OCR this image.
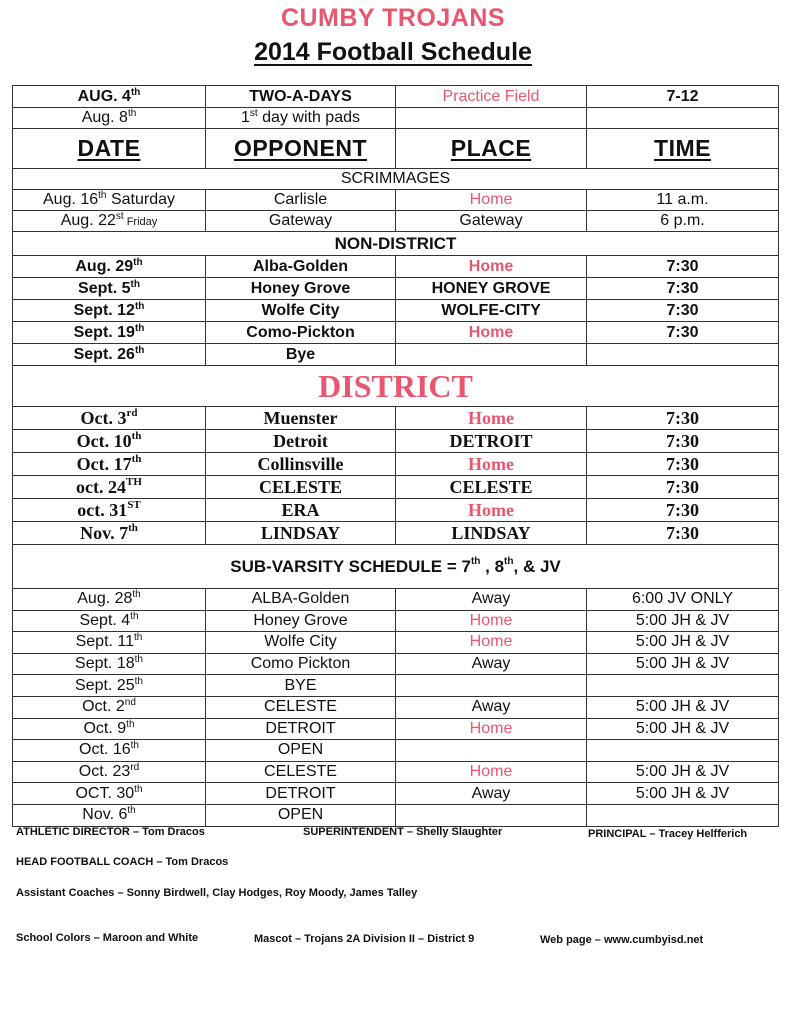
CUMBY TROJANS
2014 Football Schedule
AUG. 4th	TWO-A-DAYS	Practice Field	7-12
Aug. 8th	1st day with pads		
DATE	OPPONENT	PLACE	TIME
SCRIMMAGES			
Aug. 16th Saturday	Carlisle	Home	11 a.m.
Aug. 22st Friday	Gateway	Gateway	6 p.m.
NON-DISTRICT			
Aug. 29th	Alba-Golden	Home	7:30
Sept. 5th	Honey Grove	HONEY GROVE	7:30
Sept. 12th	Wolfe City	WOLFE-CITY	7:30
Sept. 19th	Como-Pickton	Home	7:30
Sept. 26th	Bye		
DISTRICT			
Oct. 3rd	Muenster	Home	7:30
Oct. 10th	Detroit	DETROIT	7:30
Oct. 17th	Collinsville	Home	7:30
oct. 24TH	CELESTE	CELESTE	7:30
oct. 31ST	ERA	Home	7:30
Nov. 7th	LINDSAY	LINDSAY	7:30
SUB-VARSITY SCHEDULE = 7th , 8th, & JV			
Aug. 28th	ALBA-Golden	Away	6:00 JV ONLY
Sept. 4th	Honey Grove	Home	5:00 JH & JV
Sept. 11th	Wolfe City	Home	5:00 JH & JV
Sept. 18th	Como Pickton	Away	5:00 JH & JV
Sept. 25th	BYE		
Oct. 2nd	CELESTE	Away	5:00 JH & JV
Oct. 9th	DETROIT	Home	5:00 JH & JV
Oct. 16th	OPEN		
Oct. 23rd	CELESTE	Home	5:00 JH & JV
OCT. 30th	DETROIT	Away	5:00 JH & JV
Nov. 6th	OPEN		
ATHLETIC DIRECTOR – Tom Dracos	SUPERINTENDENT – Shelly Slaughter	PRINCIPAL – Tracey Helfferich
HEAD FOOTBALL COACH – Tom Dracos
Assistant Coaches – Sonny Birdwell, Clay Hodges, Roy Moody, James Talley
School Colors – Maroon and White	Mascot – Trojans 2A Division II – District 9	Web page – www.cumbyisd.net
